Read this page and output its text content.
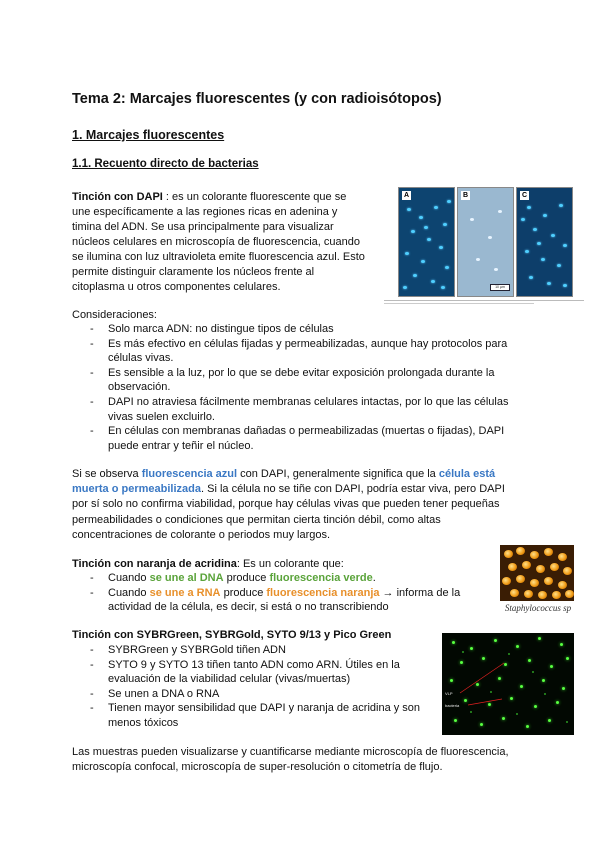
Tema 2: Marcajes fluorescentes (y con radioisótopos)
1. Marcajes fluorescentes
1.1. Recuento directo de bacterias
Tinción con DAPI : es un colorante fluorescente que se
une específicamente a las regiones ricas en adenina y
timina del ADN. Se usa principalmente para visualizar
núcleos celulares en microscopía de fluorescencia, cuando
se ilumina con luz ultravioleta emite fluorescencia azul. Esto
permite distinguir claramente los núcleos frente al
citoplasma u otros componentes celulares.
A	B
10 µm
C
Consideraciones:
- Solo marca ADN: no distingue tipos de células
- Es más efectivo en células fijadas y permeabilizadas, aunque hay protocolos para células vivas.
- Es sensible a la luz, por lo que se debe evitar exposición prolongada durante la observación.
- DAPI no atraviesa fácilmente membranas celulares intactas, por lo que las células vivas suelen excluirlo.
- En células con membranas dañadas o permeabilizadas (muertas o fijadas), DAPI puede entrar y teñir el núcleo.
Si se observa fluorescencia azul con DAPI, generalmente significa que la célula está muerta o permeabilizada. Si la célula no se tiñe con DAPI, podría estar viva, pero DAPI por sí solo no confirma viabilidad, porque hay células vivas que pueden tener pequeñas permeabilidades o condiciones que permitan cierta tinción débil, como altas concentraciones de colorante o periodos muy largos.
Tinción con naranja de acridina: Es un colorante que:
- Cuando se une al DNA produce fluorescencia verde.
- Cuando se une a RNA produce fluorescencia naranja → informa de la actividad de la célula, es decir, si está o no transcribiendo	Staphylococcus sp
Tinción con SYBRGreen, SYBRGold, SYTO 9/13 y Pico Green
- SYBRGreen y SYBRGold tiñen ADN
- SYTO 9 y SYTO 13 tiñen tanto ADN como ARN. Útiles en la evaluación de la viabilidad celular (vivas/muertas)
- Se unen a DNA o RNA
- Tienen mayor sensibilidad que DAPI y naranja de acridina y son menos tóxicos
VLP
bacteria
Las muestras pueden visualizarse y cuantificarse mediante microscopía de fluorescencia, microscopía confocal, microscopía de super-resolución o citometría de flujo.
